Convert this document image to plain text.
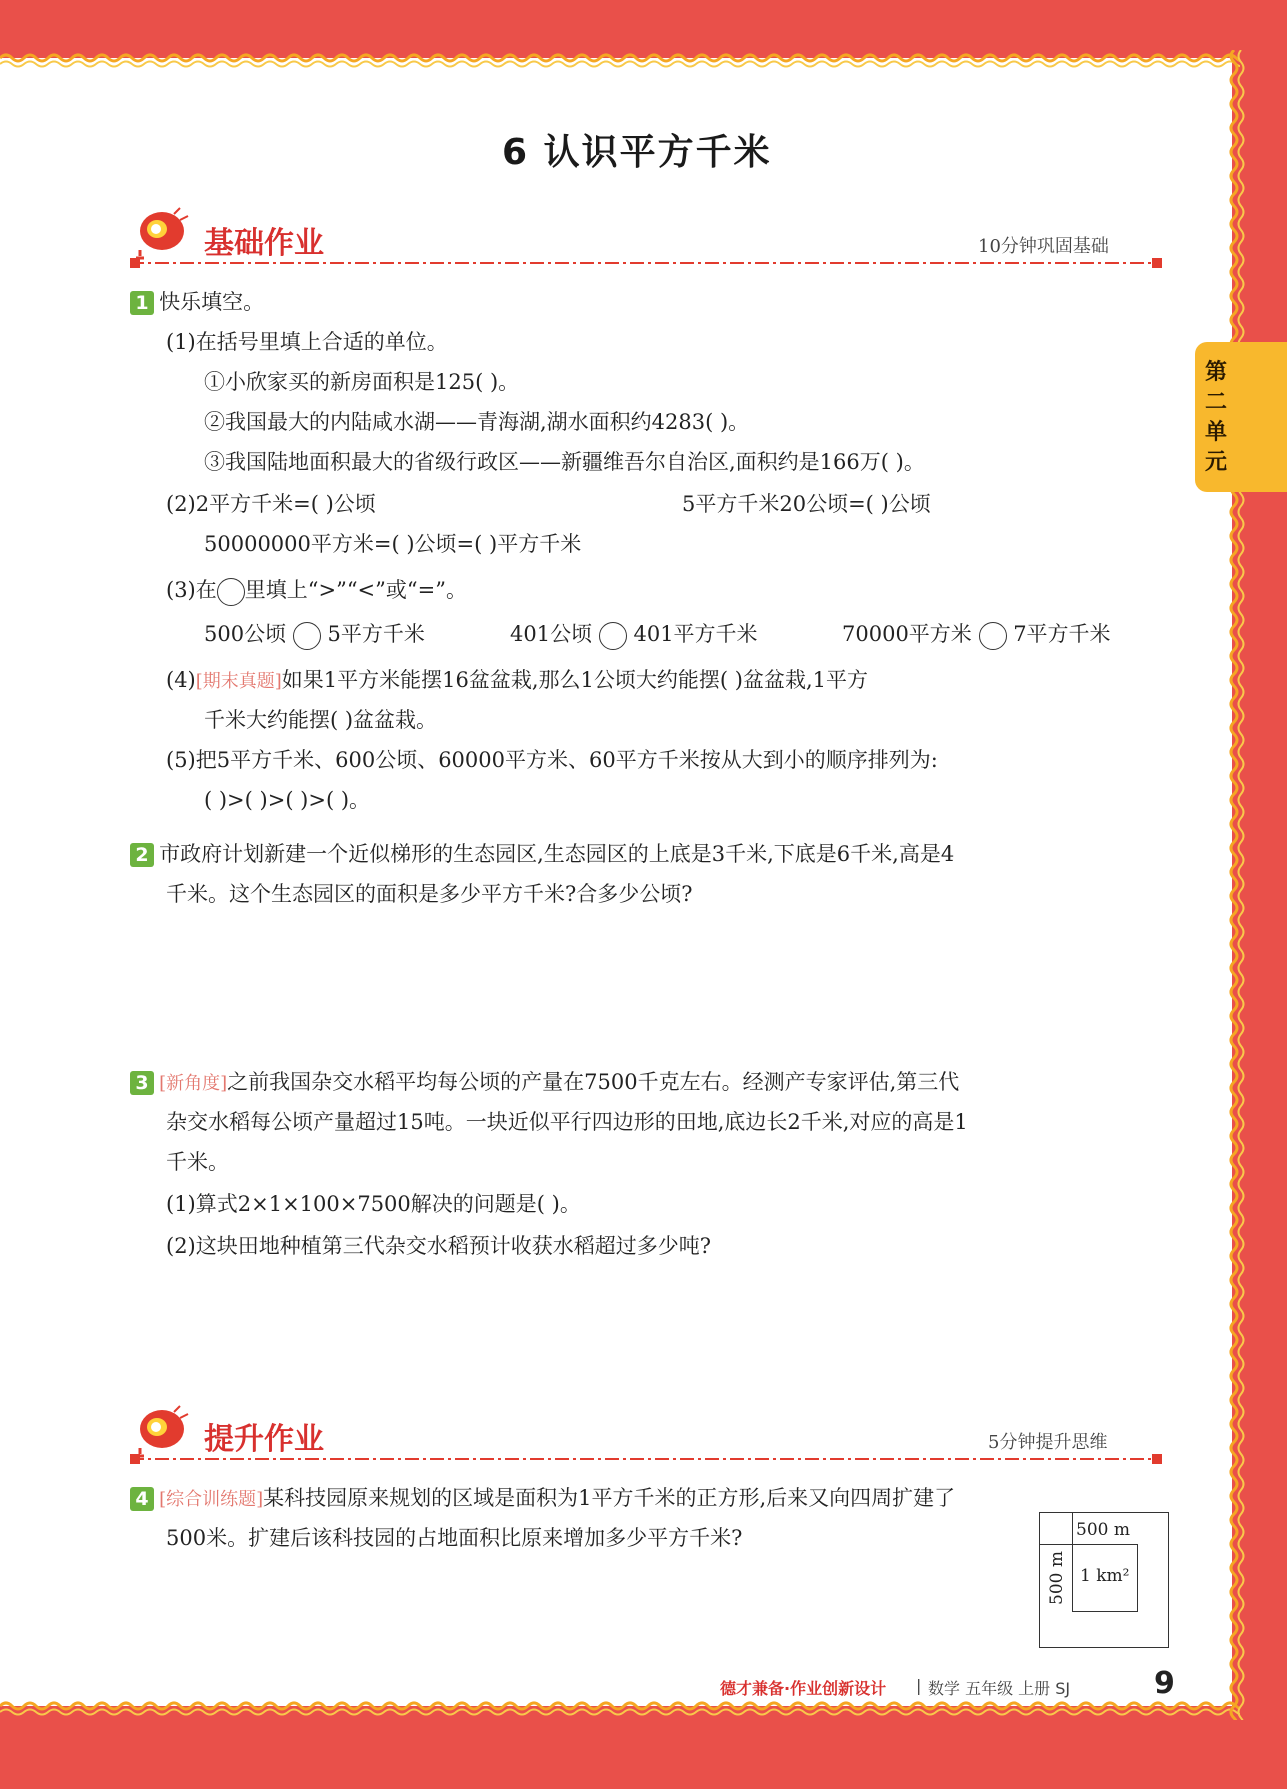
第二单元
6 认识平方千米
基础作业	10分钟巩固基础
1 快乐填空。
(1)在括号里填上合适的单位。
①小欣家买的新房面积是125( )。
②我国最大的内陆咸水湖——青海湖,湖水面积约4283( )。
③我国陆地面积最大的省级行政区——新疆维吾尔自治区,面积约是166万( )。
(2)2平方千米=( )公顷	5平方千米20公顷=( )公顷
50000000平方米=( )公顷=( )平方千米
(3)在 里填上“>”“<”或“=”。
500公顷 5平方千米	401公顷 401平方千米	70000平方米 7平方千米
(4)[期末真题]如果1平方米能摆16盆盆栽,那么1公顷大约能摆( )盆盆栽,1平方
千米大约能摆( )盆盆栽。
(5)把5平方千米、600公顷、60000平方米、60平方千米按从大到小的顺序排列为:
( )>( )>( )>( )。
2 市政府计划新建一个近似梯形的生态园区,生态园区的上底是3千米,下底是6千米,高是4
千米。这个生态园区的面积是多少平方千米?合多少公顷?
3 [新角度]之前我国杂交水稻平均每公顷的产量在7500千克左右。经测产专家评估,第三代
杂交水稻每公顷产量超过15吨。一块近似平行四边形的田地,底边长2千米,对应的高是1
千米。
(1)算式2×1×100×7500解决的问题是( )。
(2)这块田地种植第三代杂交水稻预计收获水稻超过多少吨?
提升作业	5分钟提升思维
4 [综合训练题]某科技园原来规划的区域是面积为1平方千米的正方形,后来又向四周扩建了
500米。扩建后该科技园的占地面积比原来增加多少平方千米?	500 m
500 m 1 km²
德才兼备·作业创新设计 | 数学 五年级 上册 SJ	9
